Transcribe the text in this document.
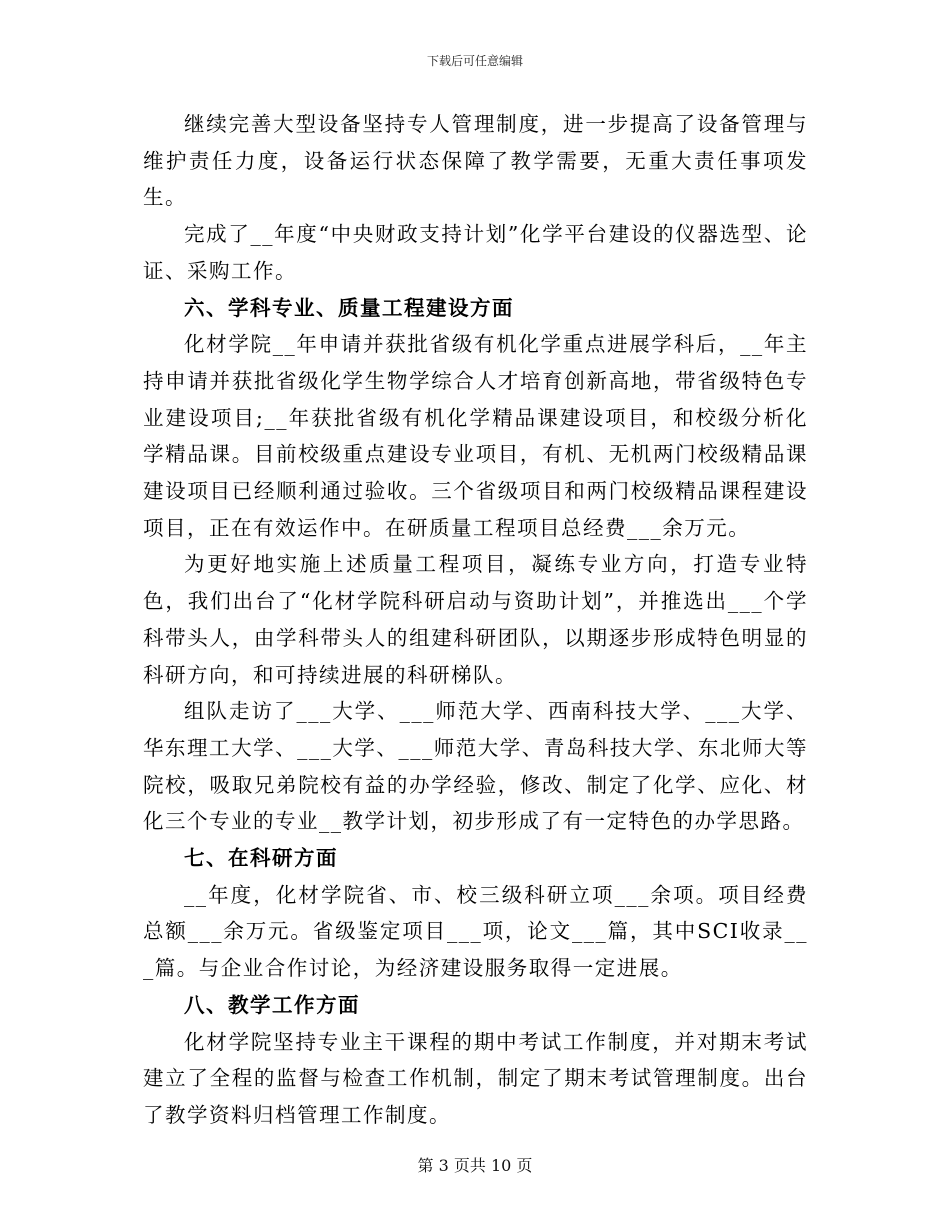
下载后可任意编辑

继续完善大型设备坚持专人管理制度，进一步提高了设备管理与维护责任力度，设备运行状态保障了教学需要，无重大责任事项发生。

完成了__年度“中央财政支持计划”化学平台建设的仪器选型、论证、采购工作。

六、学科专业、质量工程建设方面

化材学院__年申请并获批省级有机化学重点进展学科后，__年主持申请并获批省级化学生物学综合人才培育创新高地，带省级特色专业建设项目;__年获批省级有机化学精品课建设项目，和校级分析化学精品课。目前校级重点建设专业项目，有机、无机两门校级精品课建设项目已经顺利通过验收。三个省级项目和两门校级精品课程建设项目，正在有效运作中。在研质量工程项目总经费___余万元。

为更好地实施上述质量工程项目，凝练专业方向，打造专业特色，我们出台了“化材学院科研启动与资助计划”，并推选出___个学科带头人，由学科带头人的组建科研团队，以期逐步形成特色明显的科研方向，和可持续进展的科研梯队。

组队走访了___大学、___师范大学、西南科技大学、___大学、华东理工大学、___大学、___师范大学、青岛科技大学、东北师大等院校，吸取兄弟院校有益的办学经验，修改、制定了化学、应化、材化三个专业的专业__教学计划，初步形成了有一定特色的办学思路。

七、在科研方面

__年度，化材学院省、市、校三级科研立项___余项。项目经费总额___余万元。省级鉴定项目___项，论文___篇，其中SCI收录___篇。与企业合作讨论，为经济建设服务取得一定进展。

八、教学工作方面

化材学院坚持专业主干课程的期中考试工作制度，并对期末考试建立了全程的监督与检查工作机制，制定了期末考试管理制度。出台了教学资料归档管理工作制度。

第 3 页共 10 页
